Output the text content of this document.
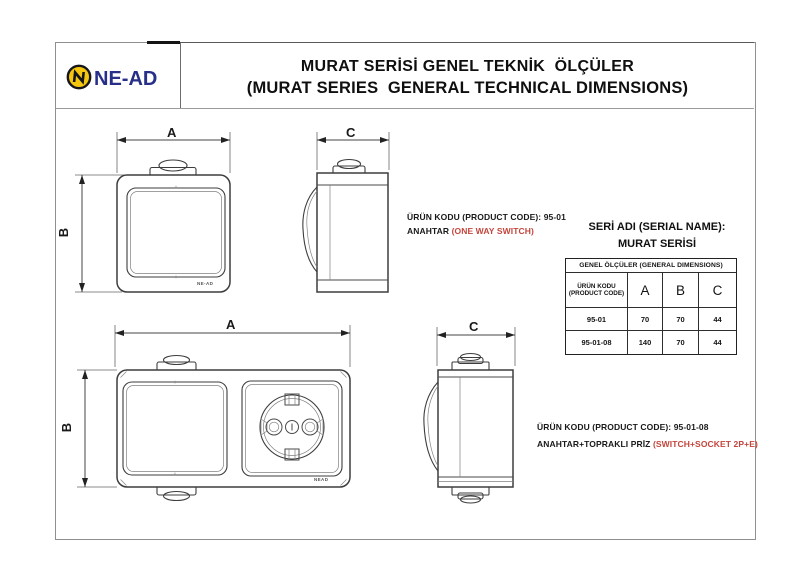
NE-AD
MURAT SERİSİ GENEL TEKNİK  ÖLÇÜLER
(MURAT SERIES  GENERAL TECHNICAL DIMENSIONS)
A
B
C
A
B
C
NE-AD
NEAD
ÜRÜN KODU (PRODUCT CODE): 95-01
ANAHTAR (ONE WAY SWITCH)	SERİ ADI (SERIAL NAME):
MURAT SERİSİ
GENEL ÖLÇÜLER (GENERAL DIMENSIONS)
ÜRÜN KODU
(PRODUCT CODE)	A	B	C
95-01	70	70	44
95-01-08	140	70	44
ÜRÜN KODU (PRODUCT CODE): 95-01-08
ANAHTAR+TOPRAKLI PRİZ (SWITCH+SOCKET 2P+E)
